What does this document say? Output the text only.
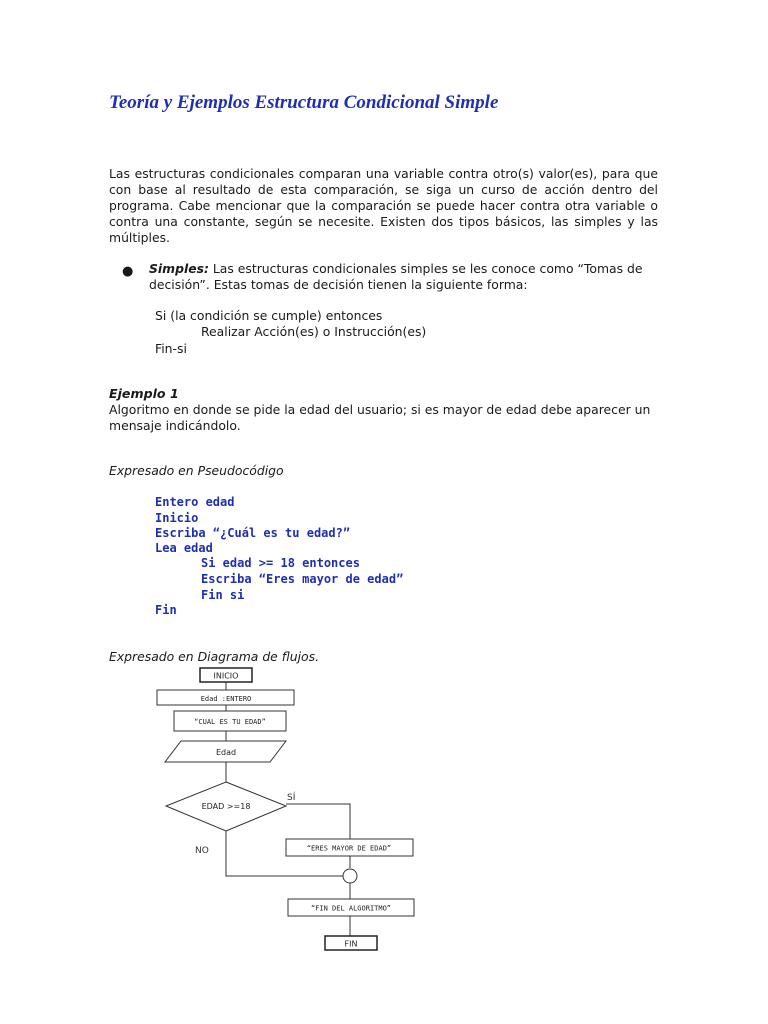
Teoría y Ejemplos Estructura Condicional Simple

Las estructuras condicionales comparan una variable contra otro(s) valor(es), para que con base al resultado de esta comparación, se siga un curso de acción dentro del programa. Cabe mencionar que la comparación se puede hacer contra otra variable o contra una constante, según se necesite. Existen dos tipos básicos, las simples y las múltiples.

● Simples: Las estructuras condicionales simples se les conoce como “Tomas de decisión”. Estas tomas de decisión tienen la siguiente forma:

Si (la condición se cumple) entonces
Realizar Acción(es) o Instrucción(es)
Fin-si
Ejemplo 1

Algoritmo en donde se pide la edad del usuario; si es mayor de edad debe aparecer un mensaje indicándolo.

Expresado en Pseudocódigo
Entero edad
Inicio
Escriba “¿Cuál es tu edad?”
Lea edad
Si edad >= 18 entonces
Escriba “Eres mayor de edad”
Fin si
Fin
Expresado en Diagrama de flujos.
INICIO
Edad :ENTERO
“CUAL ES TU EDAD”
Edad
EDAD >=18
SÍ
NO	“ERES MAYOR DE EDAD”
“FIN DEL ALGORITMO”
FIN
